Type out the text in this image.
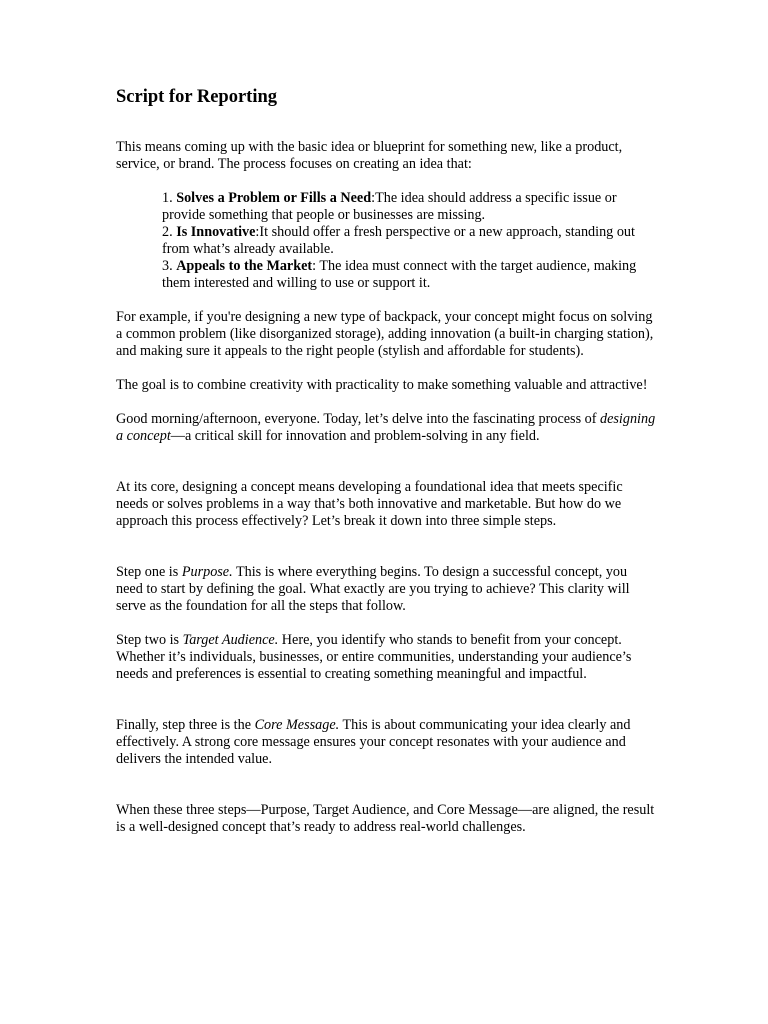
Script for Reporting

This means coming up with the basic idea or blueprint for something new, like a product, service, or brand. The process focuses on creating an idea that:

1. Solves a Problem or Fills a Need:The idea should address a specific issue or provide something that people or businesses are missing.

2. Is Innovative:It should offer a fresh perspective or a new approach, standing out from what’s already available.

3. Appeals to the Market: The idea must connect with the target audience, making them interested and willing to use or support it.

For example, if you're designing a new type of backpack, your concept might focus on solving a common problem (like disorganized storage), adding innovation (a built-in charging station), and making sure it appeals to the right people (stylish and affordable for students).

The goal is to combine creativity with practicality to make something valuable and attractive!

Good morning/afternoon, everyone. Today, let’s delve into the fascinating process of designing a concept—a critical skill for innovation and problem-solving in any field.

At its core, designing a concept means developing a foundational idea that meets specific needs or solves problems in a way that’s both innovative and marketable. But how do we approach this process effectively? Let’s break it down into three simple steps.

Step one is Purpose. This is where everything begins. To design a successful concept, you need to start by defining the goal. What exactly are you trying to achieve? This clarity will serve as the foundation for all the steps that follow.

Step two is Target Audience. Here, you identify who stands to benefit from your concept. Whether it’s individuals, businesses, or entire communities, understanding your audience’s needs and preferences is essential to creating something meaningful and impactful.

Finally, step three is the Core Message. This is about communicating your idea clearly and effectively. A strong core message ensures your concept resonates with your audience and delivers the intended value.

When these three steps—Purpose, Target Audience, and Core Message—are aligned, the result is a well-designed concept that’s ready to address real-world challenges.
